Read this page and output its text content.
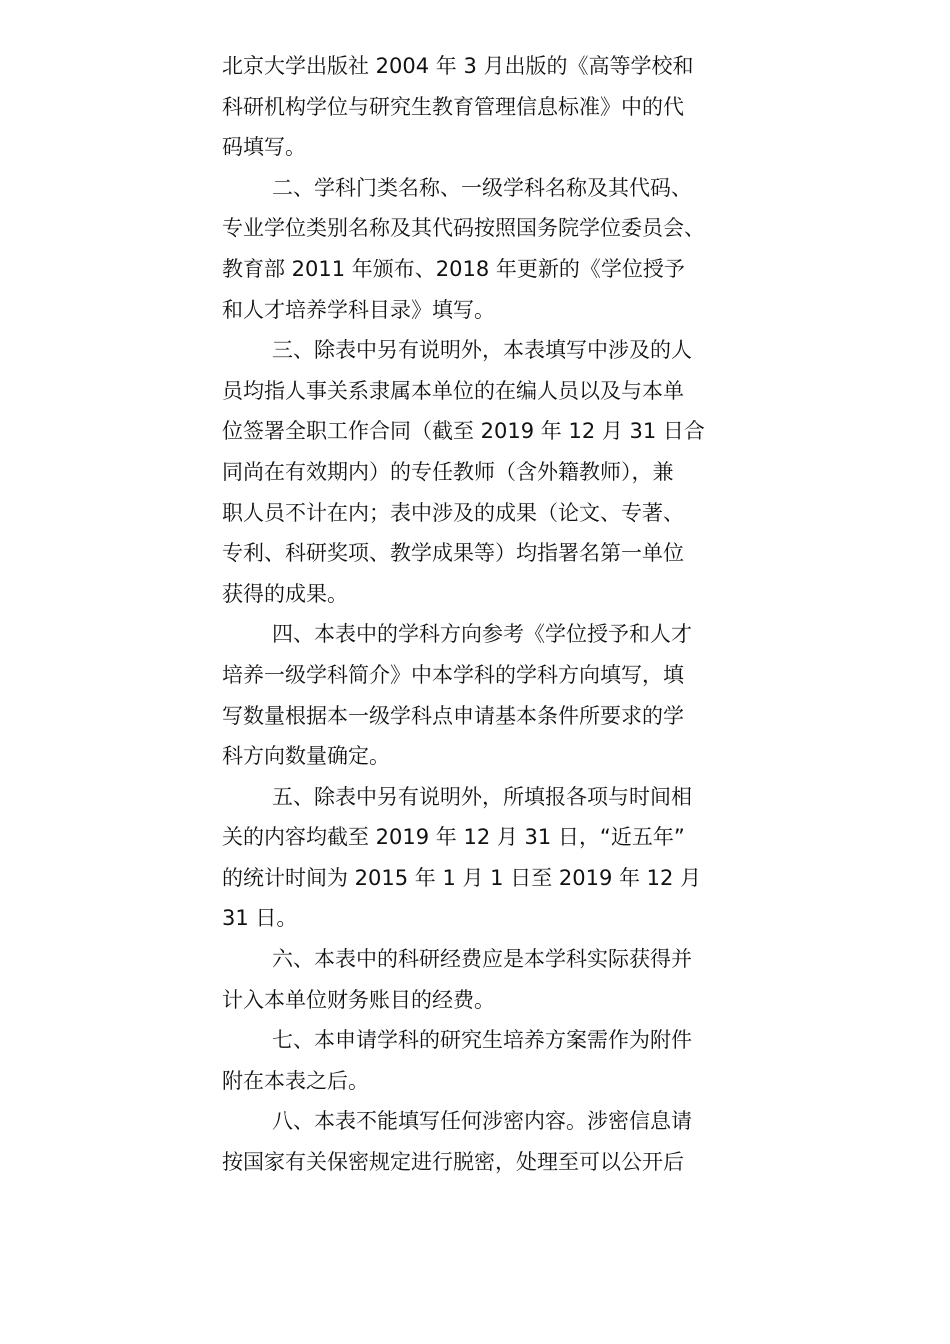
北京大学出版社 2004 年 3 月出版的《高等学校和
科研机构学位与研究生教育管理信息标准》中的代
码填写。
二、学科门类名称、一级学科名称及其代码、
专业学位类别名称及其代码按照国务院学位委员会、
教育部 2011 年颁布、2018 年更新的《学位授予
和人才培养学科目录》填写。
三、除表中另有说明外，本表填写中涉及的人
员均指人事关系隶属本单位的在编人员以及与本单
位签署全职工作合同（截至 2019 年 12 月 31 日合
同尚在有效期内）的专任教师（含外籍教师），兼
职人员不计在内；表中涉及的成果（论文、专著、
专利、科研奖项、教学成果等）均指署名第一单位
获得的成果。
四、本表中的学科方向参考《学位授予和人才
培养一级学科简介》中本学科的学科方向填写，填
写数量根据本一级学科点申请基本条件所要求的学
科方向数量确定。
五、除表中另有说明外，所填报各项与时间相
关的内容均截至 2019 年 12 月 31 日，“近五年”
的统计时间为 2015 年 1 月 1 日至 2019 年 12 月
31 日。
六、本表中的科研经费应是本学科实际获得并
计入本单位财务账目的经费。
七、本申请学科的研究生培养方案需作为附件
附在本表之后。
八、本表不能填写任何涉密内容。涉密信息请
按国家有关保密规定进行脱密，处理至可以公开后
